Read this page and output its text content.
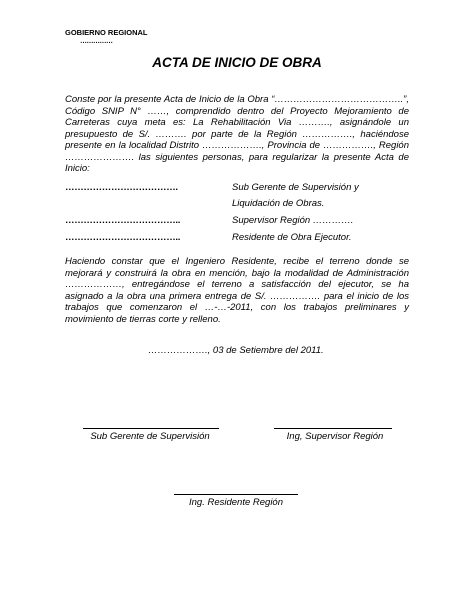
GOBIERNO REGIONAL
……………
ACTA DE INICIO DE OBRA
Conste por la presente Acta de Inicio de la Obra “…………………………………..”, Código SNIP N° ……, comprendido dentro del Proyecto Mejoramiento de Carreteras cuya meta es: La Rehabilitación Via ………., asignándole un presupuesto de S/. ………. por parte de la Región ……………., haciéndose presente en la localidad Distrito ………………., Provincia de ……………., Región …………………. las siguientes personas, para regularizar la presente Acta de Inicio:
……………………………….	Sub Gerente de Supervisión y
Liquidación de Obras.
………………………………..	Supervisor Región ………….
………………………………..	Residente de Obra Ejecutor.
Haciendo constar que el Ingeniero Residente, recibe el terreno donde se mejorará y construirá la obra en mención, bajo la modalidad de Administración ………………, entregándose el terreno a satisfacción del ejecutor, se ha asignado a la obra una primera entrega de S/. ……………. para el inicio de los trabajos que comenzaron el …-…-2011, con los trabajos preliminares y movimiento de tierras corte y relleno.
………………., 03 de Setiembre del 2011.
Sub Gerente de Supervisión	Ing, Supervisor Región
Ing. Residente Región
